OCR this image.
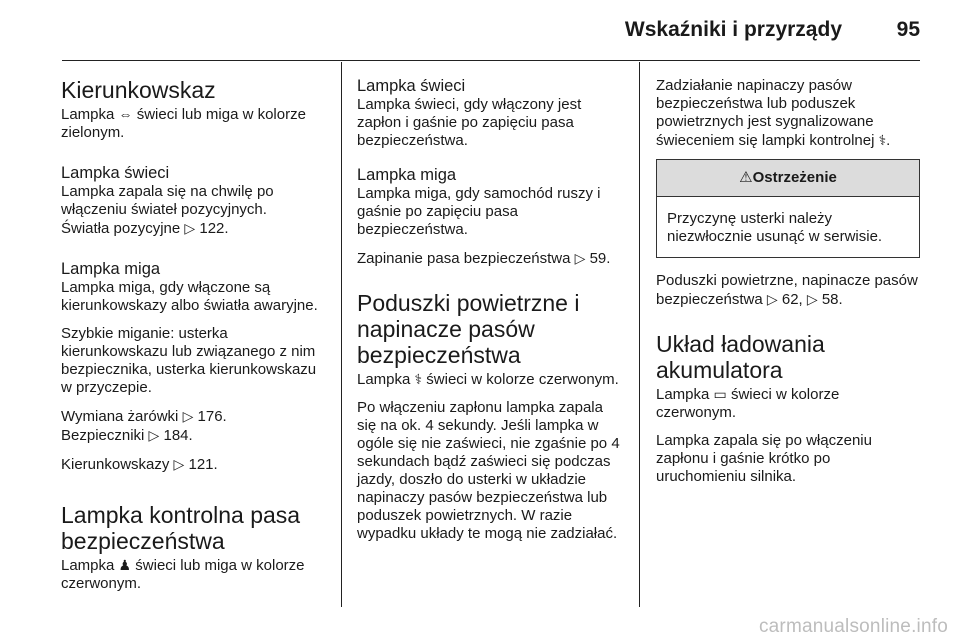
Wskaźniki i przyrządy	95
Kierunkowskaz

Lampka ⇔ świeci lub miga w kolorze zielonym.

Lampka świeci

Lampka zapala się na chwilę po włączeniu świateł pozycyjnych.

Światła pozycyjne ▷ 122.

Lampka miga

Lampka miga, gdy włączone są kierunkowskazy albo światła awaryjne.

Szybkie miganie: usterka kierunkowskazu lub związanego z nim bezpiecznika, usterka kierunkowskazu w przyczepie.

Wymiana żarówki ▷ 176.

Bezpieczniki ▷ 184.

Kierunkowskazy ▷ 121.

Lampka kontrolna pasa bezpieczeństwa

Lampka ♟ świeci lub miga w kolorze czerwonym.

Lampka świeci

Lampka świeci, gdy włączony jest zapłon i gaśnie po zapięciu pasa bezpieczeństwa.

Lampka miga

Lampka miga, gdy samochód ruszy i gaśnie po zapięciu pasa bezpieczeństwa.

Zapinanie pasa bezpieczeństwa ▷ 59.

Poduszki powietrzne i napinacze pasów bezpieczeństwa

Lampka ⚕ świeci w kolorze czerwonym.

Po włączeniu zapłonu lampka zapala się na ok. 4 sekundy. Jeśli lampka w ogóle się nie zaświeci, nie zgaśnie po 4 sekundach bądź zaświeci się podczas jazdy, doszło do usterki w układzie napinaczy pasów bezpieczeństwa lub poduszek powietrznych. W razie wypadku układy te mogą nie zadziałać.

Zadziałanie napinaczy pasów bezpieczeństwa lub poduszek powietrznych jest sygnalizowane świeceniem się lampki kontrolnej ⚕.

⚠Ostrzeżenie
Przyczynę usterki należy niezwłocznie usunąć w serwisie.

Poduszki powietrzne, napinacze pasów bezpieczeństwa ▷ 62, ▷ 58.

Układ ładowania akumulatora

Lampka ▭ świeci w kolorze czerwonym.

Lampka zapala się po włączeniu zapłonu i gaśnie krótko po uruchomieniu silnika.

carmanualsonline.info
